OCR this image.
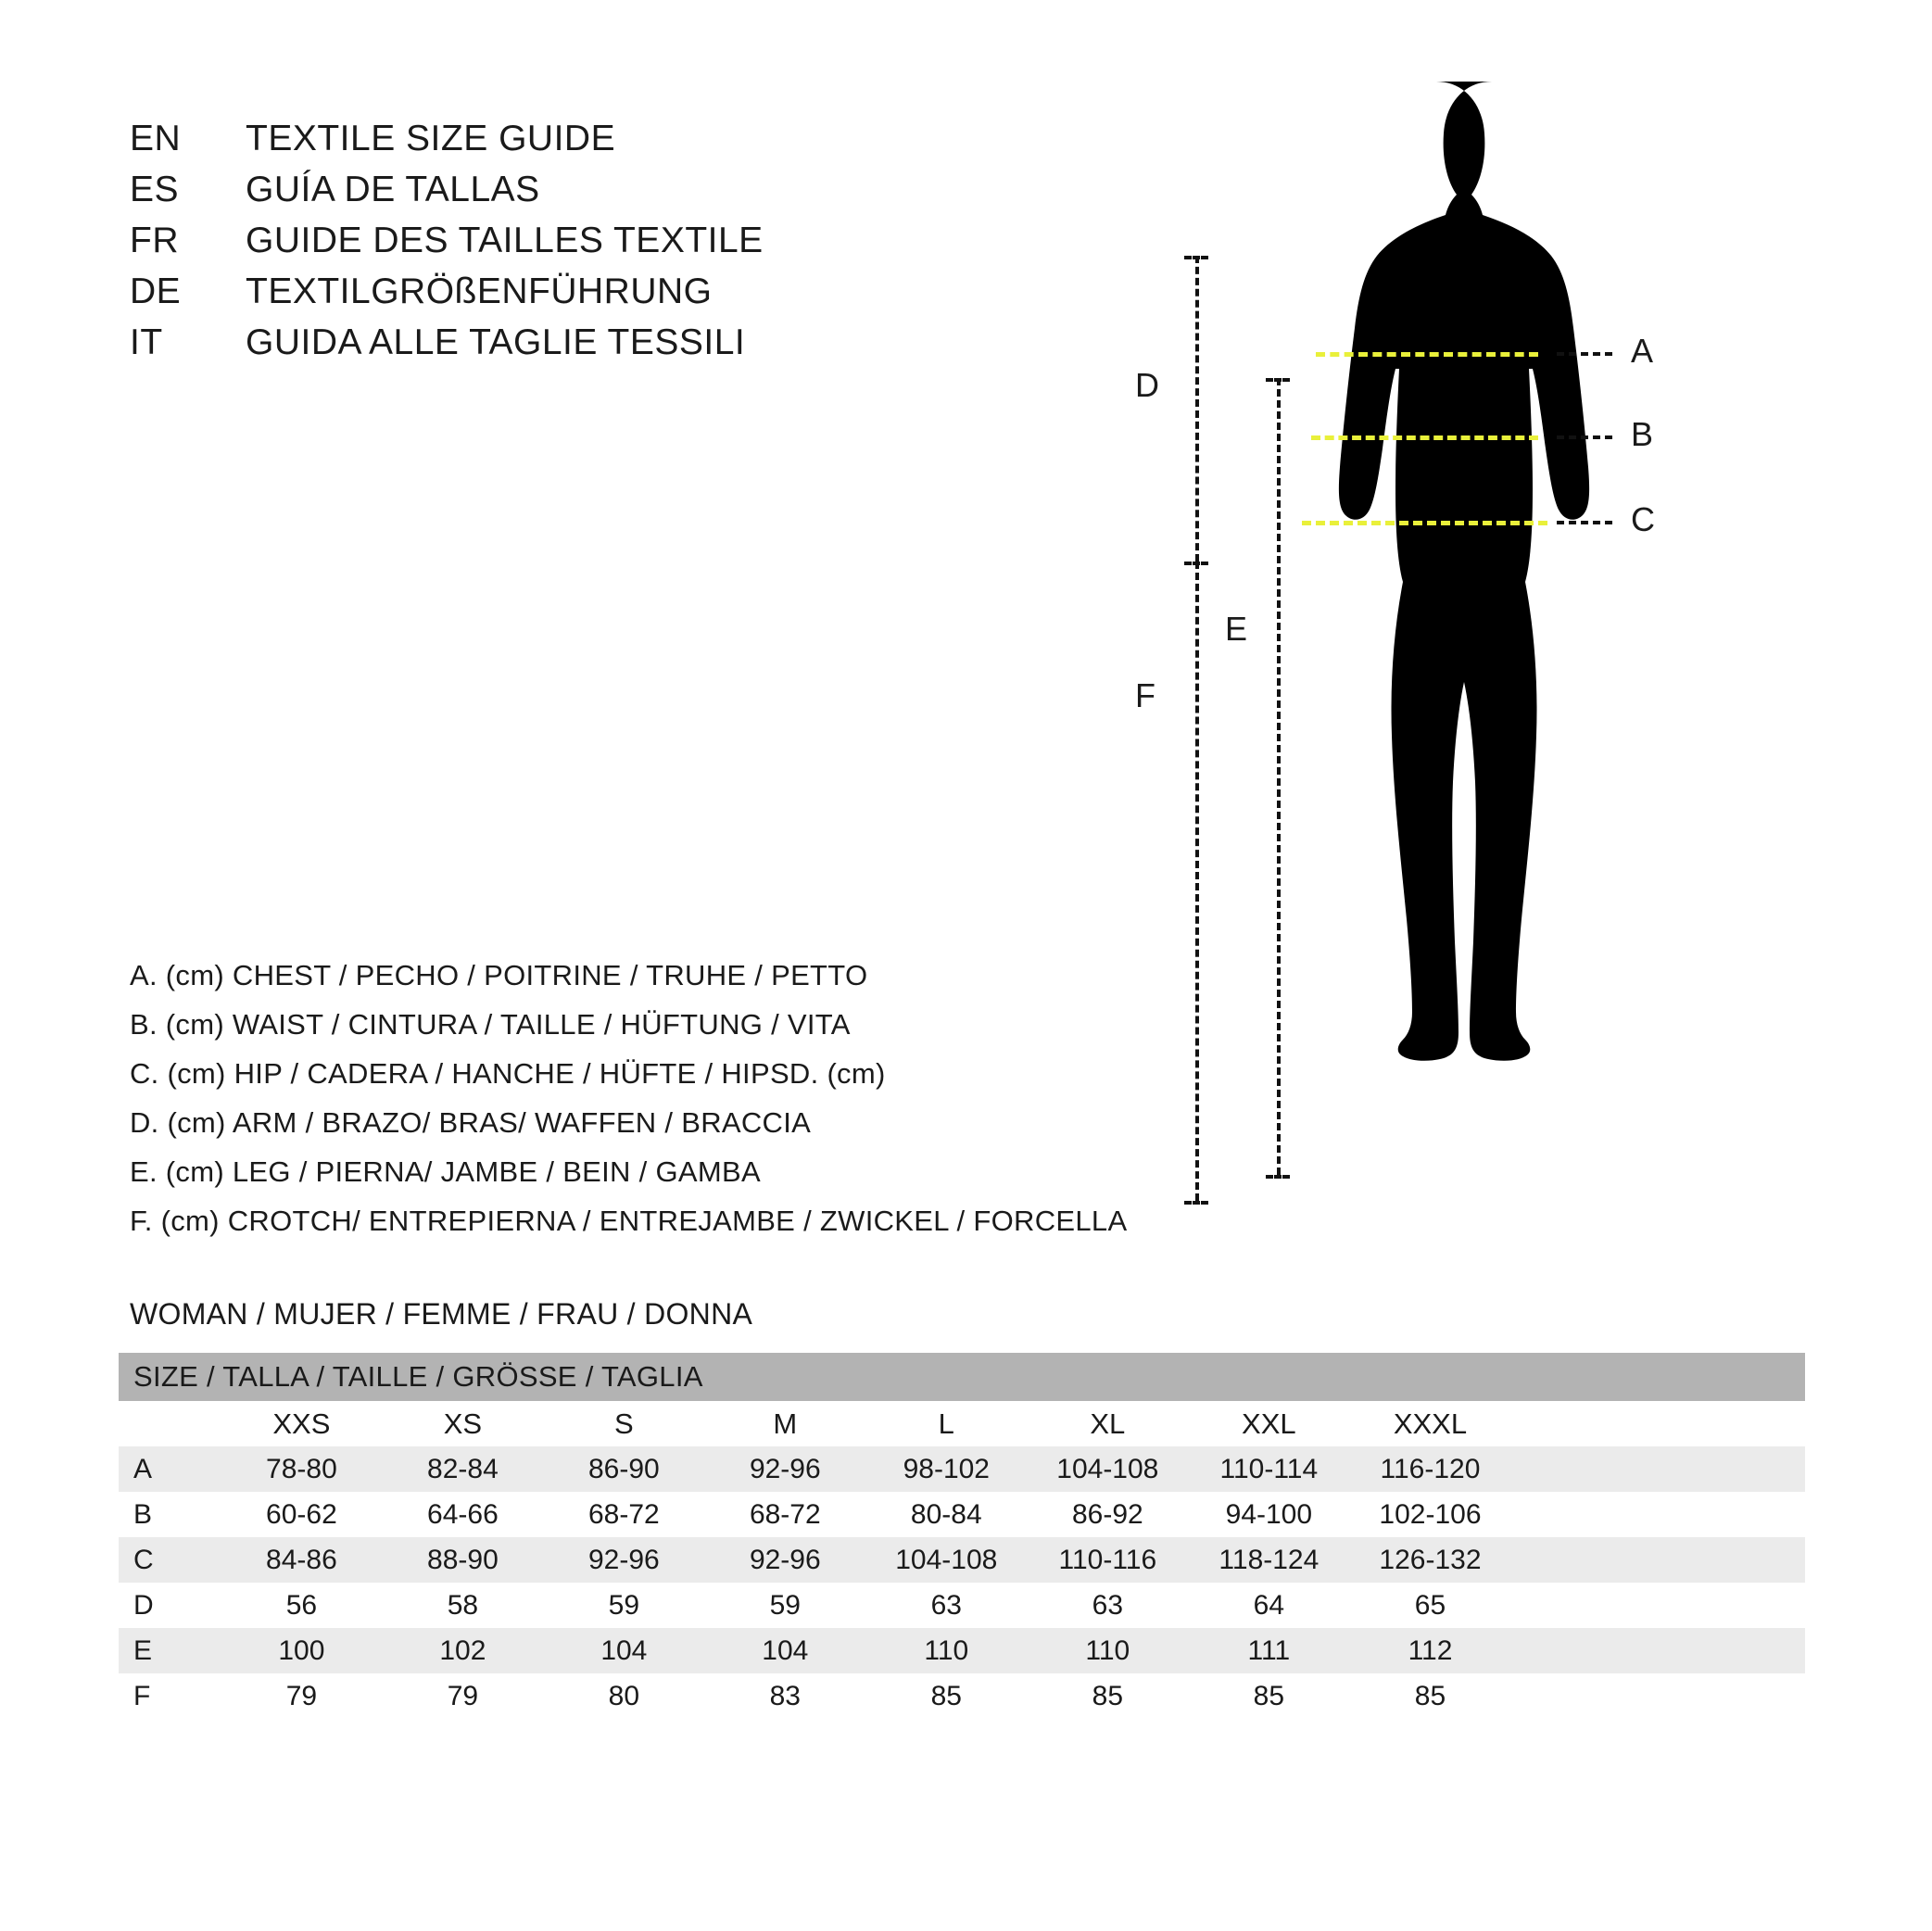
EN	TEXTILE SIZE GUIDE
ES	GUÍA DE TALLAS
FR	GUIDE DES TAILLES TEXTILE
DE	TEXTILGRÖßENFÜHRUNG
IT	GUIDA ALLE TAGLIE TESSILI	A
B
C
D
F
E
A. (cm) CHEST / PECHO / POITRINE / TRUHE / PETTO
B. (cm) WAIST / CINTURA / TAILLE / HÜFTUNG / VITA
C. (cm) HIP / CADERA / HANCHE / HÜFTE / HIPSD. (cm)
D. (cm) ARM / BRAZO/ BRAS/ WAFFEN / BRACCIA
E. (cm) LEG / PIERNA/ JAMBE / BEIN / GAMBA
F. (cm) CROTCH/ ENTREPIERNA / ENTREJAMBE / ZWICKEL / FORCELLA
WOMAN / MUJER / FEMME / FRAU / DONNA
SIZE / TALLA / TAILLE / GRÖSSE / TAGLIA									
	XXS	XS	S	M	L	XL	XXL	XXXL	
A	78-80	82-84	86-90	92-96	98-102	104-108	110-114	116-120	
B	60-62	64-66	68-72	68-72	80-84	86-92	94-100	102-106	
C	84-86	88-90	92-96	92-96	104-108	110-116	118-124	126-132	
D	56	58	59	59	63	63	64	65	
E	100	102	104	104	110	110	111	112	
F	79	79	80	83	85	85	85	85	
